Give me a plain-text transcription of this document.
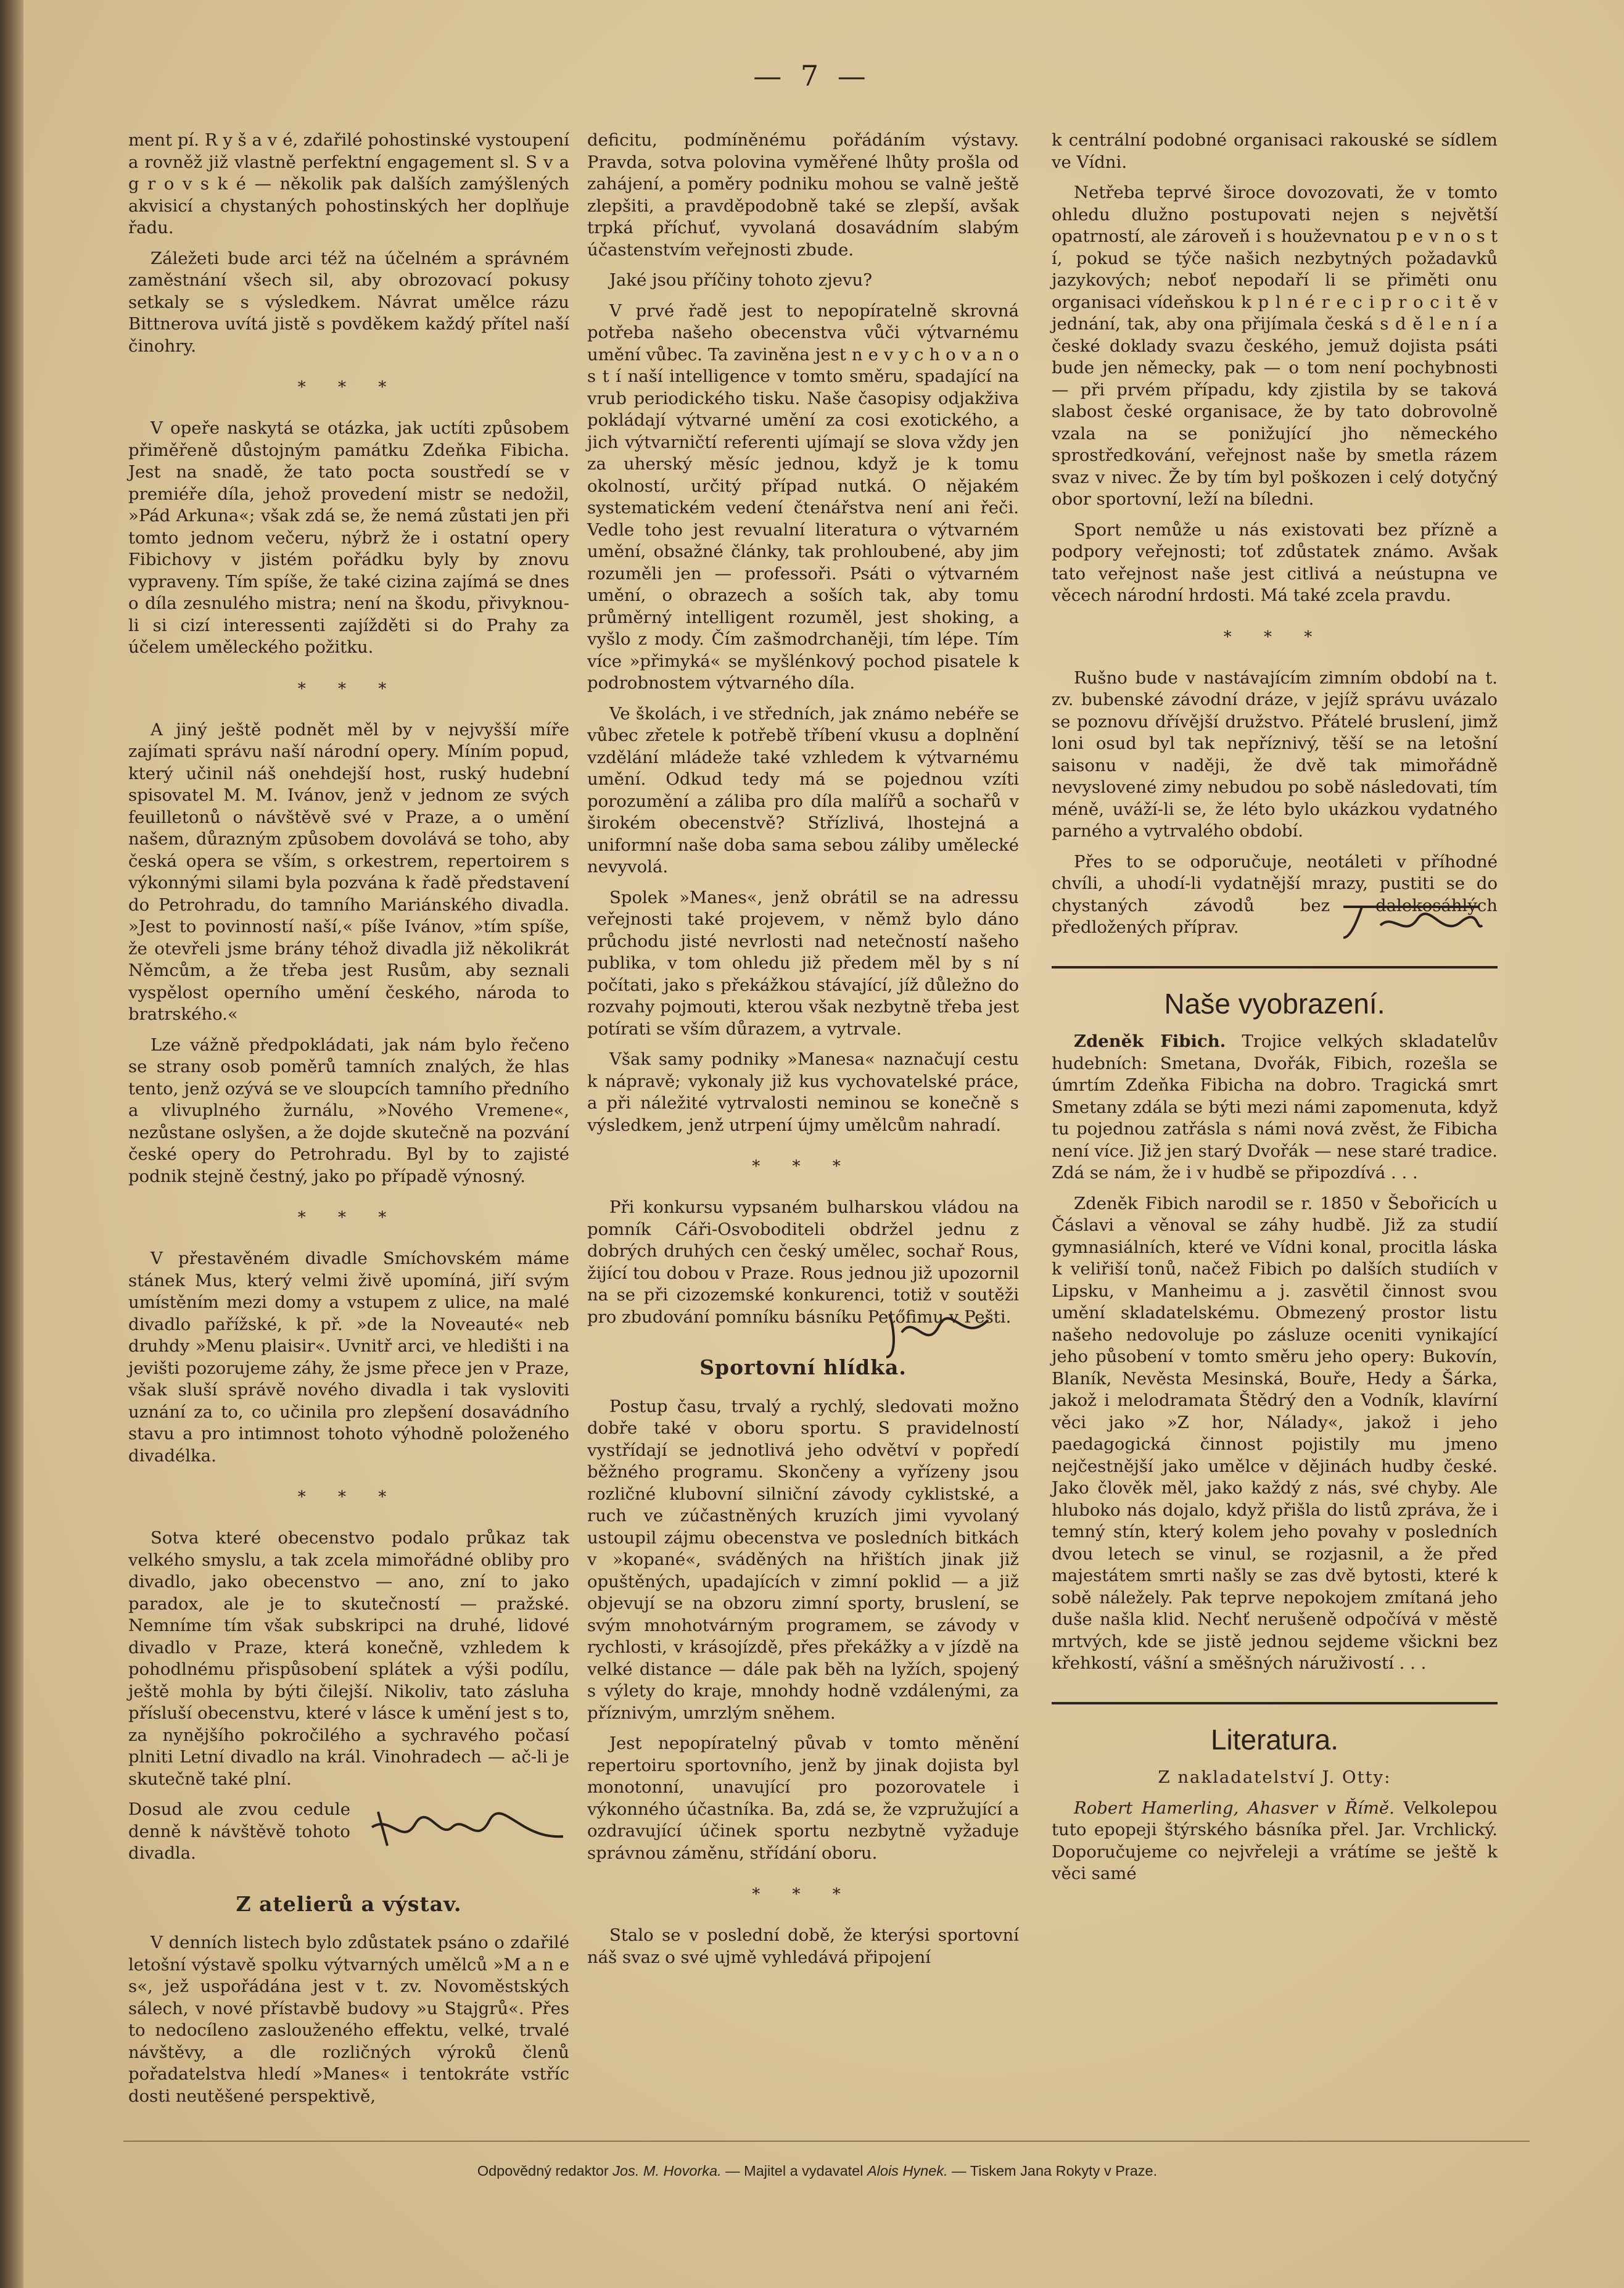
— 7 —

ment pí. R y š a v é, zdařilé pohostinské vystoupení a rovněž již vlastně perfektní engagement sl. S v a g r o v s k é — několik pak dalších zamýšlených akvisicí a chystaných pohostinských her doplňuje řadu.

Záležeti bude arci též na účelném a správném zaměstnání všech sil, aby obrozovací pokusy setkaly se s výsledkem. Návrat umělce rázu Bittnerova uvítá jistě s povděkem každý přítel naší činohry.

* * *

V opeře naskytá se otázka, jak uctíti způsobem přiměřeně důstojným památku Zdeňka Fibicha. Jest na snadě, že tato pocta soustředí se v premiéře díla, jehož provedení mistr se nedožil, »Pád Arkuna«; však zdá se, že nemá zůstati jen při tomto jednom večeru, nýbrž že i ostatní opery Fibichovy v jistém pořádku byly by znovu vypraveny. Tím spíše, že také cizina zajímá se dnes o díla zesnulého mistra; není na škodu, přivyknou-li si cizí interessenti zajížděti si do Prahy za účelem uměleckého požitku.

* * *

A jiný ještě podnět měl by v nejvyšší míře zajímati správu naší národní opery. Míním popud, který učinil náš onehdejší host, ruský hudební spisovatel M. M. Ivánov, jenž v jednom ze svých feuilletonů o návštěvě své v Praze, a o umění našem, důrazným způsobem dovolává se toho, aby česká opera se vším, s orkestrem, repertoirem s výkonnými silami byla pozvána k řadě představení do Petrohradu, do tamního Mariánského divadla. »Jest to povinností naší,« píše Ivánov, »tím spíše, že otevřeli jsme brány téhož divadla již několikrát Němcům, a že třeba jest Rusům, aby seznali vyspělost operního umění českého, národa to bratrského.«

Lze vážně předpokládati, jak nám bylo řečeno se strany osob poměrů tamních znalých, že hlas tento, jenž ozývá se ve sloupcích tamního předního a vlivuplného žurnálu, »Nového Vremene«, nezůstane oslyšen, a že dojde skutečně na pozvání české opery do Petrohradu. Byl by to zajisté podnik stejně čestný, jako po případě výnosný.

* * *

V přestavěném divadle Smíchovském máme stánek Mus, který velmi živě upomíná, jiří svým umístěním mezi domy a vstupem z ulice, na malé divadlo pařížské, k př. »de la Noveauté« neb druhdy »Menu plaisir«. Uvnitř arci, ve hledišti i na jevišti pozorujeme záhy, že jsme přece jen v Praze, však sluší správě nového divadla i tak vysloviti uznání za to, co učinila pro zlepšení dosavádního stavu a pro intimnost tohoto výhodně položeného divadélka.

* * *

Sotva které obecenstvo podalo průkaz tak velkého smyslu, a tak zcela mimořádné obliby pro divadlo, jako obecenstvo — ano, zní to jako paradox, ale je to skutečností — pražské. Nemníme tím však subskripci na druhé, lidové divadlo v Praze, která konečně, vzhledem k pohodlnému přispůsobení splátek a výši podílu, ještě mohla by býti čilejší. Nikoliv, tato zásluha přísluší obecenstvu, které v lásce k umění jest s to, za nynějšího pokročilého a sychravého počasí plniti Letní divadlo na král. Vinohradech — ač-li je skutečně také plní.

Dosud ale zvou cedule denně k návštěvě tohoto divadla.

Z atelierů a výstav.

V denních listech bylo zdůstatek psáno o zdařilé letošní výstavě spolku výtvarných umělců »M a n e s«, jež uspořádána jest v t. zv. Novoměstských sálech, v nové přístavbě budovy »u Stajgrů«. Přes to nedocíleno zaslouženého effektu, velké, trvalé návštěvy, a dle rozličných výroků členů pořadatelstva hledí »Manes« i tentokráte vstříc dosti neutěšené perspektivě,

deficitu, podmíněnému pořádáním výstavy. Pravda, sotva polovina vyměřené lhůty prošla od zahájení, a poměry podniku mohou se valně ještě zlepšiti, a pravděpodobně také se zlepší, avšak trpká příchuť, vyvolaná dosavádním slabým účastenstvím veřejnosti zbude.

Jaké jsou příčiny tohoto zjevu?

V prvé řadě jest to nepopíratelně skrovná potřeba našeho obecenstva vůči výtvarnému umění vůbec. Ta zaviněna jest n e v y c h o v a n o s t í naší intelligence v tomto směru, spadající na vrub periodického tisku. Naše časopisy odjakživa pokládají výtvarné umění za cosi exotického, a jich výtvarničtí referenti ujímají se slova vždy jen za uherský měsíc jednou, když je k tomu okolností, určitý případ nutká. O nějakém systematickém vedení čtenářstva není ani řeči. Vedle toho jest revualní literatura o výtvarném umění, obsažné články, tak prohloubené, aby jim rozuměli jen — professoři. Psáti o výtvarném umění, o obrazech a soších tak, aby tomu průměrný intelligent rozuměl, jest shoking, a vyšlo z mody. Čím zašmodrchaněji, tím lépe. Tím více »přimyká« se myšlénkový pochod pisatele k podrobnostem výtvarného díla.

Ve školách, i ve středních, jak známo nebéře se vůbec zřetele k potřebě tříbení vkusu a doplnění vzdělání mládeže také vzhledem k výtvarnému umění. Odkud tedy má se pojednou vzíti porozumění a záliba pro díla malířů a sochařů v širokém obecenstvě? Střízlivá, lhostejná a uniformní naše doba sama sebou záliby umělecké nevyvolá.

Spolek »Manes«, jenž obrátil se na adressu veřejnosti také projevem, v němž bylo dáno průchodu jisté nevrlosti nad netečností našeho publika, v tom ohledu již předem měl by s ní počítati, jako s překážkou stávající, jíž důležno do rozvahy pojmouti, kterou však nezbytně třeba jest potírati se vším důrazem, a vytrvale.

Však samy podniky »Manesa« naznačují cestu k nápravě; vykonaly již kus vychovatelské práce, a při náležité vytrvalosti neminou se konečně s výsledkem, jenž utrpení újmy umělcům nahradí.

* * *

Při konkursu vypsaném bulharskou vládou na pomník Cáři-Osvoboditeli obdržel jednu z dobrých druhých cen český umělec, sochař Rous, žijící tou dobou v Praze. Rous jednou již upozornil na se při cizozemské konkurenci, totiž v soutěži pro zbudování pomníku básníku Petőfimu v Pešti.

Sportovní hlídka.

Postup času, trvalý a rychlý, sledovati možno dobře také v oboru sportu. S pravidelností vystřídají se jednotlivá jeho odvětví v popředí běžného programu. Skončeny a vyřízeny jsou rozličné klubovní silniční závody cyklistské, a ruch ve zúčastněných kruzích jimi vyvolaný ustoupil zájmu obecenstva ve posledních bitkách v »kopané«, sváděných na hřištích jinak již opuštěných, upadajících v zimní poklid — a již objevují se na obzoru zimní sporty, bruslení, se svým mnohotvárným programem, se závody v rychlosti, v krásojízdě, přes překážky a v jízdě na velké distance — dále pak běh na lyžích, spojený s výlety do kraje, mnohdy hodně vzdálenými, za příznivým, umrzlým sněhem.

Jest nepopíratelný půvab v tomto měnění repertoiru sportovního, jenž by jinak dojista byl monotonní, unavující pro pozorovatele i výkonného účastníka. Ba, zdá se, že vzpružující a ozdravující účinek sportu nezbytně vyžaduje správnou záměnu, střídání oboru.

* * *

Stalo se v poslední době, že kterýsi sportovní náš svaz o své ujmě vyhledává připojení

k centrální podobné organisaci rakouské se sídlem ve Vídni.

Netřeba teprvé široce dovozovati, že v tomto ohledu dlužno postupovati nejen s největší opatrností, ale zároveň i s houževnatou p e v n o s t í, pokud se týče našich nezbytných požadavků jazykových; neboť nepodaří li se přiměti onu organisaci vídeňskou k p l n é r e c i p r o c i t ě v jednání, tak, aby ona přijímala česká s d ě l e n í a české doklady svazu českého, jemuž dojista psáti bude jen německy, pak — o tom není pochybnosti — při prvém případu, kdy zjistila by se taková slabost české organisace, že by tato dobrovolně vzala na se ponižující jho německého sprostředkování, veřejnost naše by smetla rázem svaz v nivec. Že by tím byl poškozen i celý dotyčný obor sportovní, leží na bíledni.

Sport nemůže u nás existovati bez přízně a podpory veřejnosti; toť zdůstatek známo. Avšak tato veřejnost naše jest citlivá a neústupna ve věcech národní hrdosti. Má také zcela pravdu.

* * *

Rušno bude v nastávajícím zimním období na t. zv. bubenské závodní dráze, v jejíž správu uvázalo se poznovu dřívější družstvo. Přátelé bruslení, jimž loni osud byl tak nepříznivý, těší se na letošní saisonu v naději, že dvě tak mimořádně nevyslovené zimy nebudou po sobě následovati, tím méně, uváží-li se, že léto bylo ukázkou vydatného parného a vytrvalého období.

Přes to se odporučuje, neotáleti v příhodné chvíli, a uhodí-li vydatnější mrazy, pustiti se do chystaných závodů bez dalekosáhlých předložených příprav.

Naše vyobrazení.

Zdeněk Fibich. Trojice velkých skladatelův hudebních: Smetana, Dvořák, Fibich, rozešla se úmrtím Zdeňka Fibicha na dobro. Tragická smrt Smetany zdála se býti mezi námi zapomenuta, když tu pojednou zatřásla s námi nová zvěst, že Fibicha není více. Již jen starý Dvořák — nese staré tradice. Zdá se nám, že i v hudbě se připozdívá . . .

Zdeněk Fibich narodil se r. 1850 v Šebořicích u Čáslavi a věnoval se záhy hudbě. Již za studií gymnasiálních, které ve Vídni konal, procitla láska k veliřiší tonů, načež Fibich po dalších studiích v Lipsku, v Manheimu a j. zasvětil činnost svou umění skladatelskému. Obmezený prostor listu našeho nedovoluje po zásluze oceniti vynikající jeho působení v tomto směru jeho opery: Bukovín, Blaník, Nevěsta Mesinská, Bouře, Hedy a Šárka, jakož i melodramata Štědrý den a Vodník, klavírní věci jako »Z hor, Nálady«, jakož i jeho paedagogická činnost pojistily mu jmeno nejčestnější jako umělce v dějinách hudby české. Jako člověk měl, jako každý z nás, své chyby. Ale hluboko nás dojalo, když přišla do listů zpráva, že i temný stín, který kolem jeho povahy v posledních dvou letech se vinul, se rozjasnil, a že před majestátem smrti našly se zas dvě bytosti, které k sobě náležely. Pak teprve nepokojem zmítaná jeho duše našla klid. Nechť nerušeně odpočívá v městě mrtvých, kde se jistě jednou sejdeme všickni bez křehkostí, vášní a směšných náruživostí . . .

Literatura.

Z nakladatelství J. Otty:

Robert Hamerling, Ahasver v Římě. Velkolepou tuto epopeji štýrského básníka přel. Jar. Vrchlický. Doporučujeme co nejvřeleji a vrátíme se ještě k věci samé

Odpovědný redaktor Jos. M. Hovorka. — Majitel a vydavatel Alois Hynek. — Tiskem Jana Rokyty v Praze.
